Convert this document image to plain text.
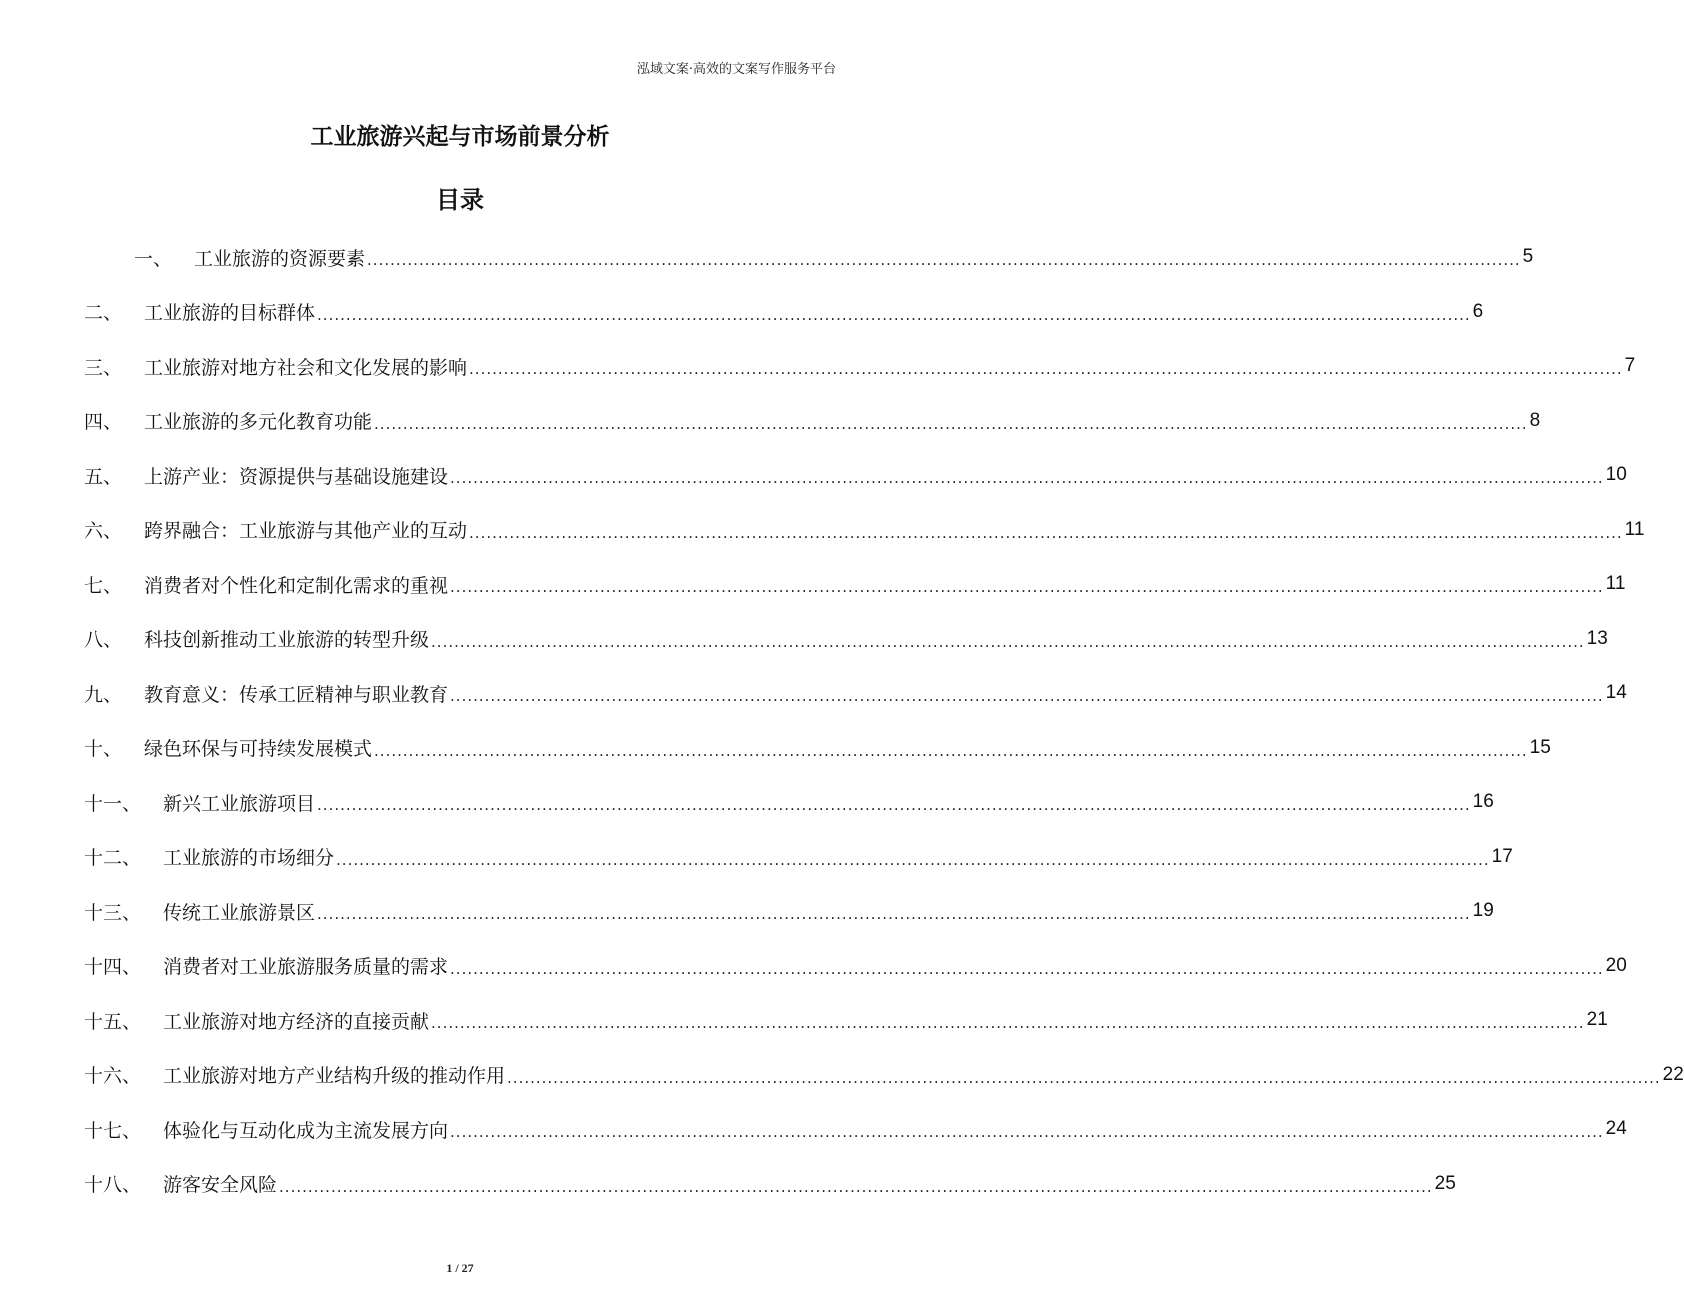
泓域文案·高效的文案写作服务平台
工业旅游兴起与市场前景分析
目录
一、 工业旅游的资源要素 ........................................................................................................................................................................................................ 5
二、 工业旅游的目标群体 ........................................................................................................................................................................................................ 6
三、 工业旅游对地方社会和文化发展的影响 ........................................................................................................................................................................................................ 7
四、 工业旅游的多元化教育功能 ........................................................................................................................................................................................................ 8
五、 上游产业：资源提供与基础设施建设 ........................................................................................................................................................................................................ 10
六、 跨界融合：工业旅游与其他产业的互动 ........................................................................................................................................................................................................ 11
七、 消费者对个性化和定制化需求的重视 ........................................................................................................................................................................................................ 11
八、 科技创新推动工业旅游的转型升级 ........................................................................................................................................................................................................ 13
九、 教育意义：传承工匠精神与职业教育 ........................................................................................................................................................................................................ 14
十、 绿色环保与可持续发展模式 ........................................................................................................................................................................................................ 15
十一、 新兴工业旅游项目 ........................................................................................................................................................................................................ 16
十二、 工业旅游的市场细分 ........................................................................................................................................................................................................ 17
十三、 传统工业旅游景区 ........................................................................................................................................................................................................ 19
十四、 消费者对工业旅游服务质量的需求 ........................................................................................................................................................................................................ 20
十五、 工业旅游对地方经济的直接贡献 ........................................................................................................................................................................................................ 21
十六、 工业旅游对地方产业结构升级的推动作用 ........................................................................................................................................................................................................ 22
十七、 体验化与互动化成为主流发展方向 ........................................................................................................................................................................................................ 24
十八、 游客安全风险 ........................................................................................................................................................................................................ 25
1 / 27
